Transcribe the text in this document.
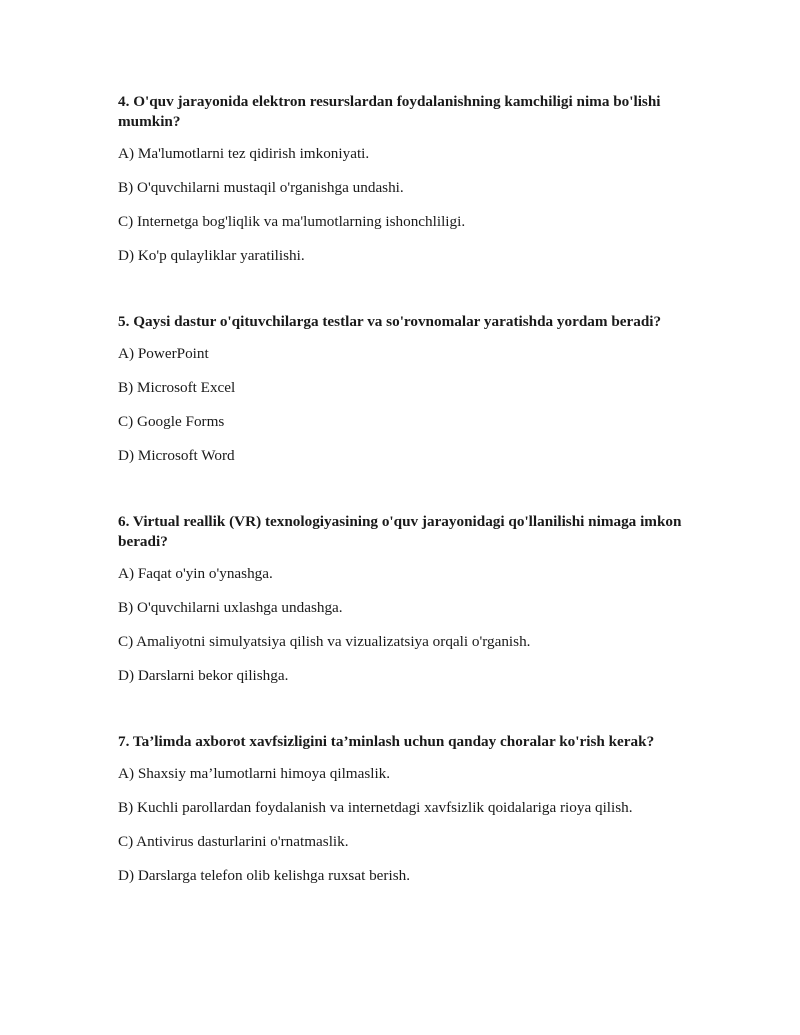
4. O'quv jarayonida elektron resurslardan foydalanishning kamchiligi nima bo'lishi mumkin?

A) Ma'lumotlarni tez qidirish imkoniyati.

B) O'quvchilarni mustaqil o'rganishga undashi.

C) Internetga bog'liqlik va ma'lumotlarning ishonchliligi.

D) Ko'p qulayliklar yaratilishi.

5. Qaysi dastur o'qituvchilarga testlar va so'rovnomalar yaratishda yordam beradi?

A) PowerPoint

B) Microsoft Excel

C) Google Forms

D) Microsoft Word

6. Virtual reallik (VR) texnologiyasining o'quv jarayonidagi qo'llanilishi nimaga imkon beradi?

A) Faqat o'yin o'ynashga.

B) O'quvchilarni uxlashga undashga.

C) Amaliyotni simulyatsiya qilish va vizualizatsiya orqali o'rganish.

D) Darslarni bekor qilishga.

7. Ta’limda axborot xavfsizligini ta’minlash uchun qanday choralar ko'rish kerak?

A) Shaxsiy ma’lumotlarni himoya qilmaslik.

B) Kuchli parollardan foydalanish va internetdagi xavfsizlik qoidalariga rioya qilish.

C) Antivirus dasturlarini o'rnatmaslik.

D) Darslarga telefon olib kelishga ruxsat berish.
